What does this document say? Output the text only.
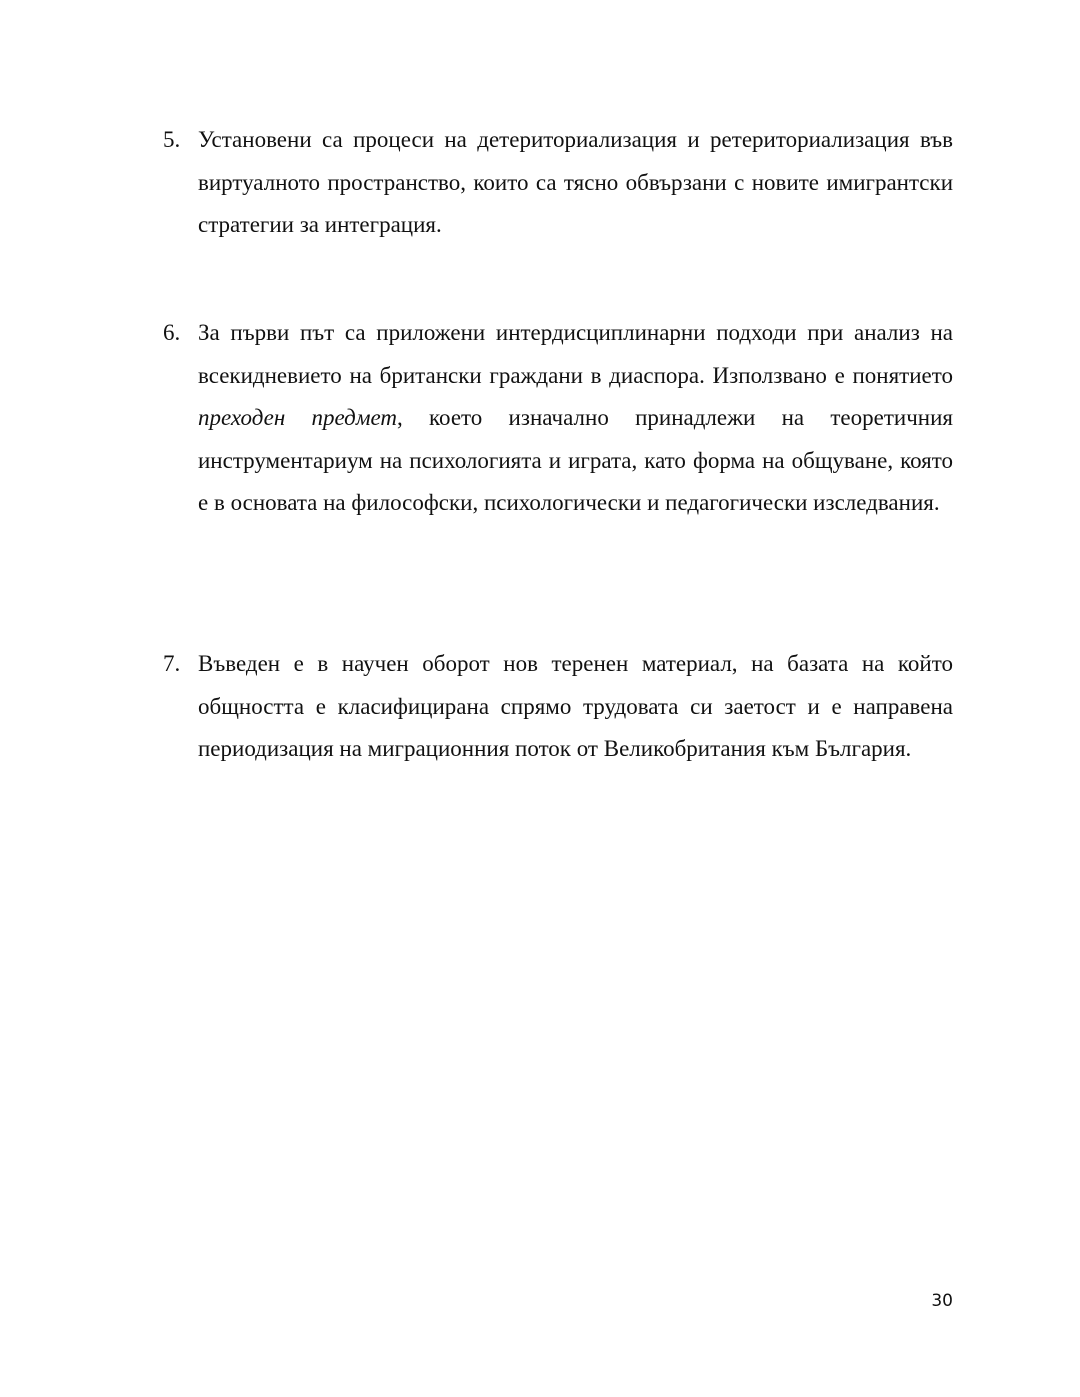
5. Установени са процеси на детериториализация и ретериториализация във виртуалното пространство, които са тясно обвързани с новите имигрантски стратегии за интеграция.
6. За първи път са приложени интердисциплинарни подходи при анализ на всекидневието на британски граждани в диаспора. Използвано е понятието преходен предмет, което изначално принадлежи на теоретичния инструментариум на психологията и играта, като форма на общуване, която е в основата на философски, психологически и педагогически изследвания.
7. Въведен е в научен оборот нов теренен материал, на базата на който общността е класифицирана спрямо трудовата си заетост и е направена периодизация на миграционния поток от Великобритания към България.
30
